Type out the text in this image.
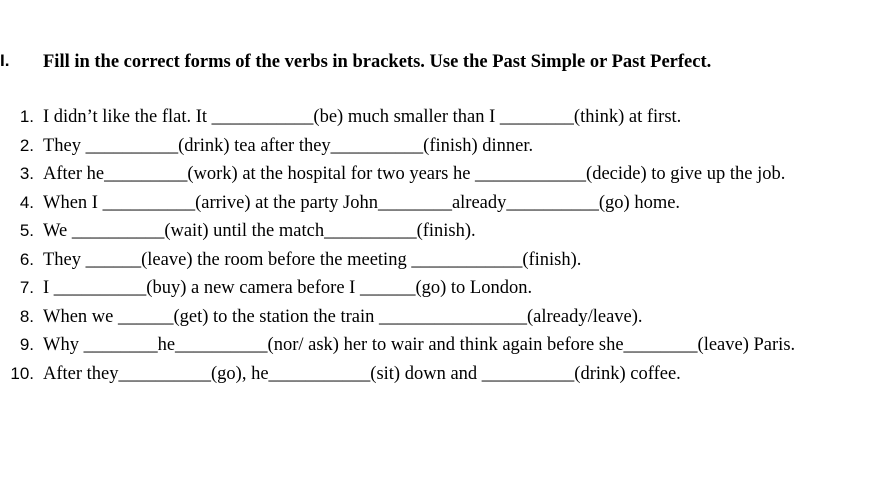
I. Fill in the correct forms of the verbs in brackets. Use the Past Simple or Past Perfect.
1. I didn’t like the flat. It ___________(be) much smaller than I ________(think) at first.
2. They __________(drink) tea after they__________(finish) dinner.
3. After he_________(work) at the hospital for two years he ____________(decide) to give up the job.
4. When I __________(arrive) at the party John________already__________(go) home.
5. We __________(wait) until the match__________(finish).
6. They ______(leave) the room before the meeting ____________(finish).
7. I __________(buy) a new camera before I ______(go) to London.
8. When we ______(get) to the station the train ________________(already/leave).
9. Why ________he__________(nor/ ask) her to wair and think again before she________(leave) Paris.
10. After they__________(go), he___________(sit) down and __________(drink) coffee.
